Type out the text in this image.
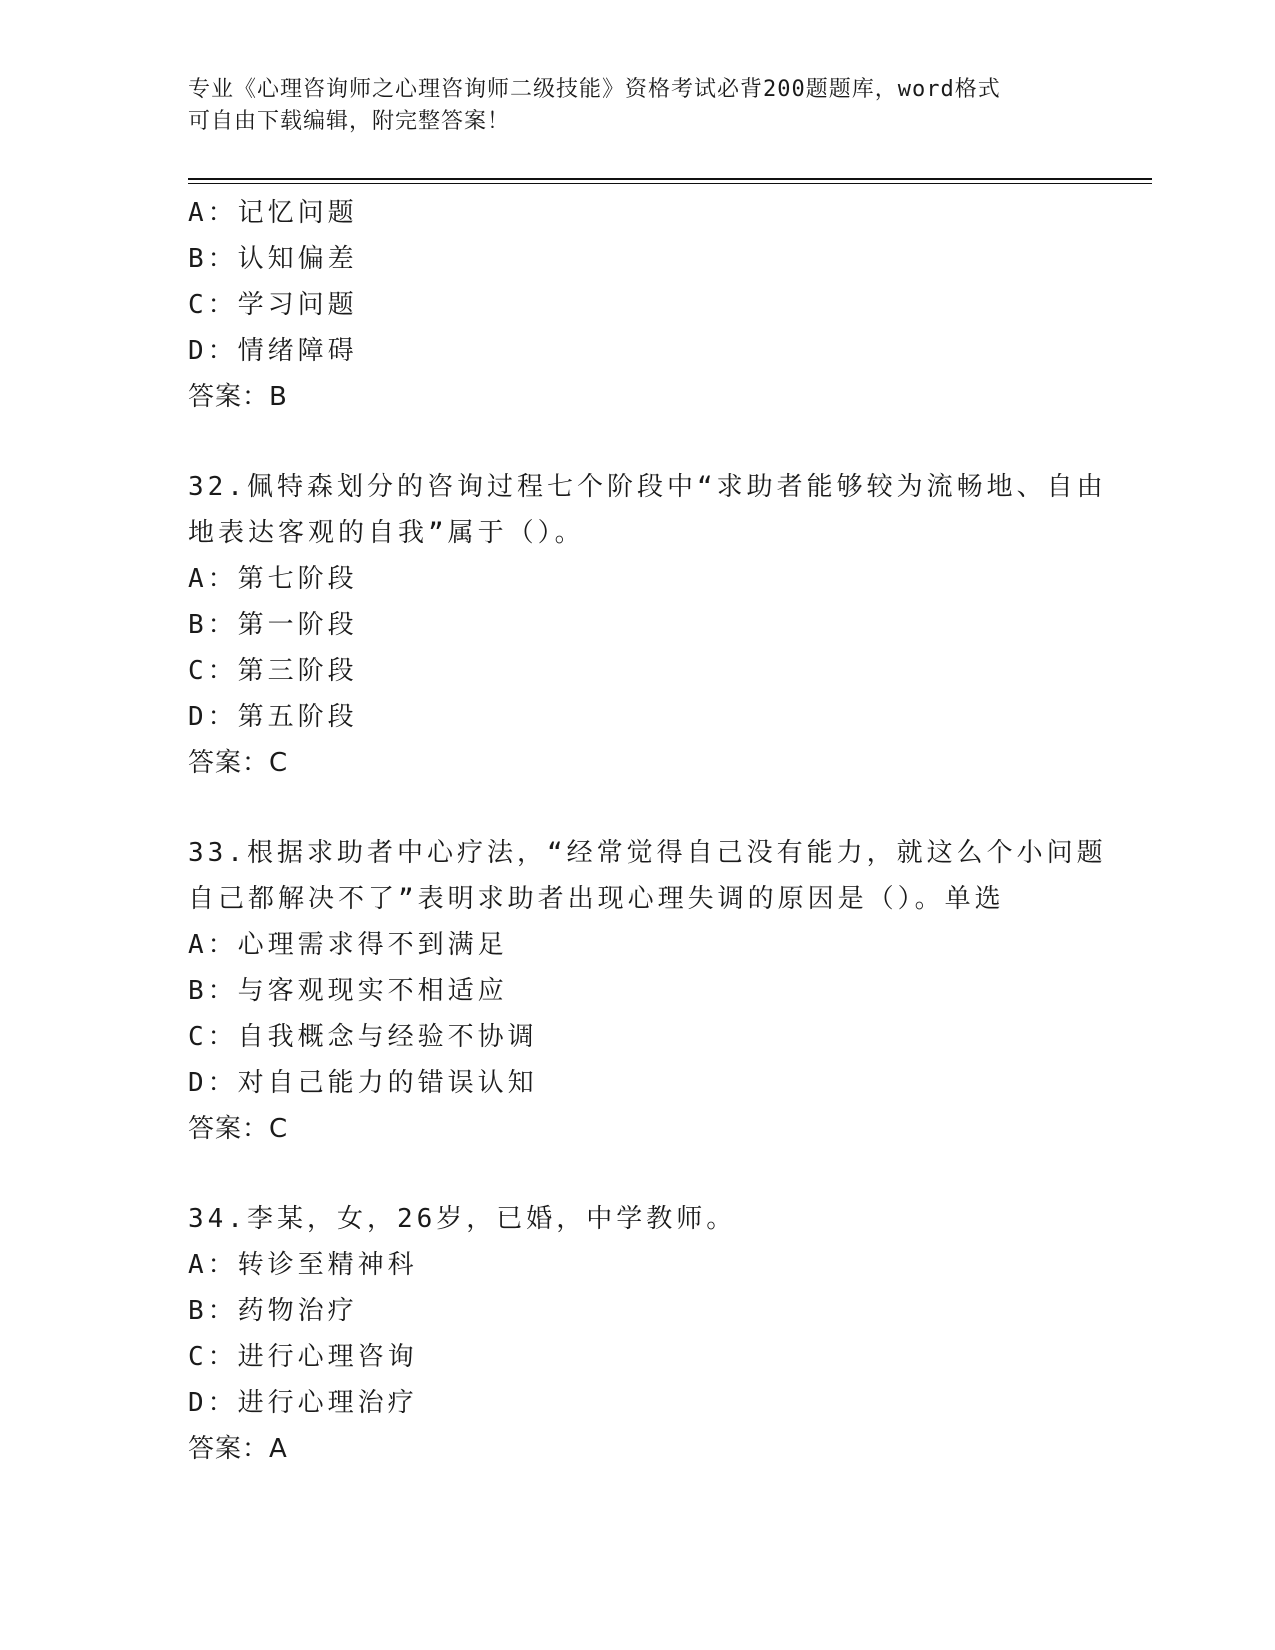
专业《心理咨询师之心理咨询师二级技能》资格考试必背200题题库，word格式
可自由下载编辑，附完整答案！
A：记忆问题
B：认知偏差
C：学习问题
D：情绪障碍
答案：B
32.佩特森划分的咨询过程七个阶段中“求助者能够较为流畅地、自由
地表达客观的自我”属于（）。
A：第七阶段
B：第一阶段
C：第三阶段
D：第五阶段
答案：C
33.根据求助者中心疗法，“经常觉得自己没有能力，就这么个小问题
自己都解决不了”表明求助者出现心理失调的原因是（）。单选
A：心理需求得不到满足
B：与客观现实不相适应
C：自我概念与经验不协调
D：对自己能力的错误认知
答案：C
34.李某，女，26岁，已婚，中学教师。
A：转诊至精神科
B：药物治疗
C：进行心理咨询
D：进行心理治疗
答案：A
